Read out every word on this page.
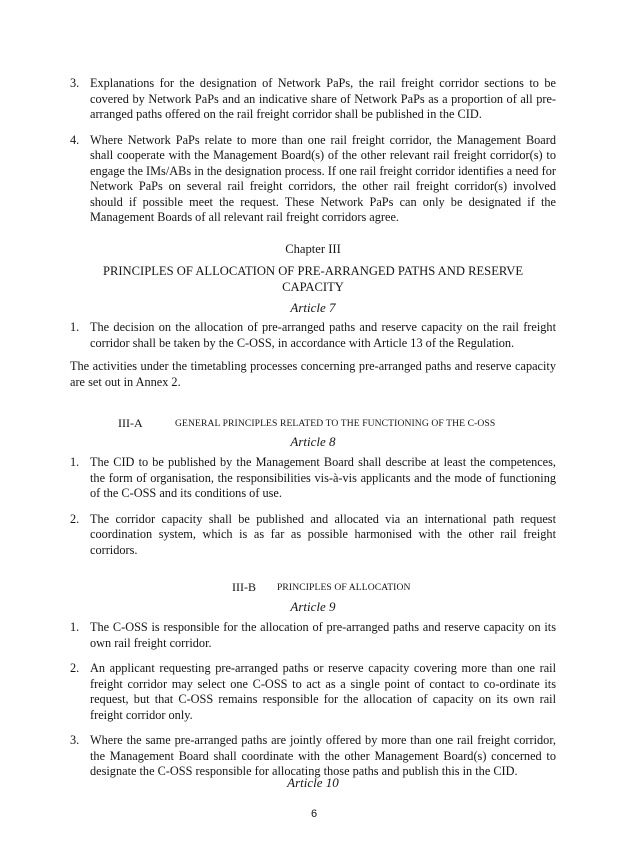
3. Explanations for the designation of Network PaPs, the rail freight corridor sections to be covered by Network PaPs and an indicative share of Network PaPs as a proportion of all pre-arranged paths offered on the rail freight corridor shall be published in the CID.
4. Where Network PaPs relate to more than one rail freight corridor, the Management Board shall cooperate with the Management Board(s) of the other relevant rail freight corridor(s) to engage the IMs/ABs in the designation process. If one rail freight corridor identifies a need for Network PaPs on several rail freight corridors, the other rail freight corridor(s) involved should if possible meet the request. These Network PaPs can only be designated if the Management Boards of all relevant rail freight corridors agree.
Chapter III
PRINCIPLES OF ALLOCATION OF PRE-ARRANGED PATHS AND RESERVE CAPACITY
Article 7
1. The decision on the allocation of pre-arranged paths and reserve capacity on the rail freight corridor shall be taken by the C-OSS, in accordance with Article 13 of the Regulation.
The activities under the timetabling processes concerning pre-arranged paths and reserve capacity are set out in Annex 2.
III-A	GENERAL PRINCIPLES RELATED TO THE FUNCTIONING OF THE C-OSS
Article 8
1. The CID to be published by the Management Board shall describe at least the competences, the form of organisation, the responsibilities vis-à-vis applicants and the mode of functioning of the C-OSS and its conditions of use.
2. The corridor capacity shall be published and allocated via an international path request coordination system, which is as far as possible harmonised with the other rail freight corridors.
III-B PRINCIPLES OF ALLOCATION
Article 9
1. The C-OSS is responsible for the allocation of pre-arranged paths and reserve capacity on its own rail freight corridor.
2. An applicant requesting pre-arranged paths or reserve capacity covering more than one rail freight corridor may select one C-OSS to act as a single point of contact to co-ordinate its request, but that C-OSS remains responsible for the allocation of capacity on its own rail freight corridor only.
3. Where the same pre-arranged paths are jointly offered by more than one rail freight corridor, the Management Board shall coordinate with the other Management Board(s) concerned to designate the C-OSS responsible for allocating those paths and publish this in the CID.
Article 10
6
